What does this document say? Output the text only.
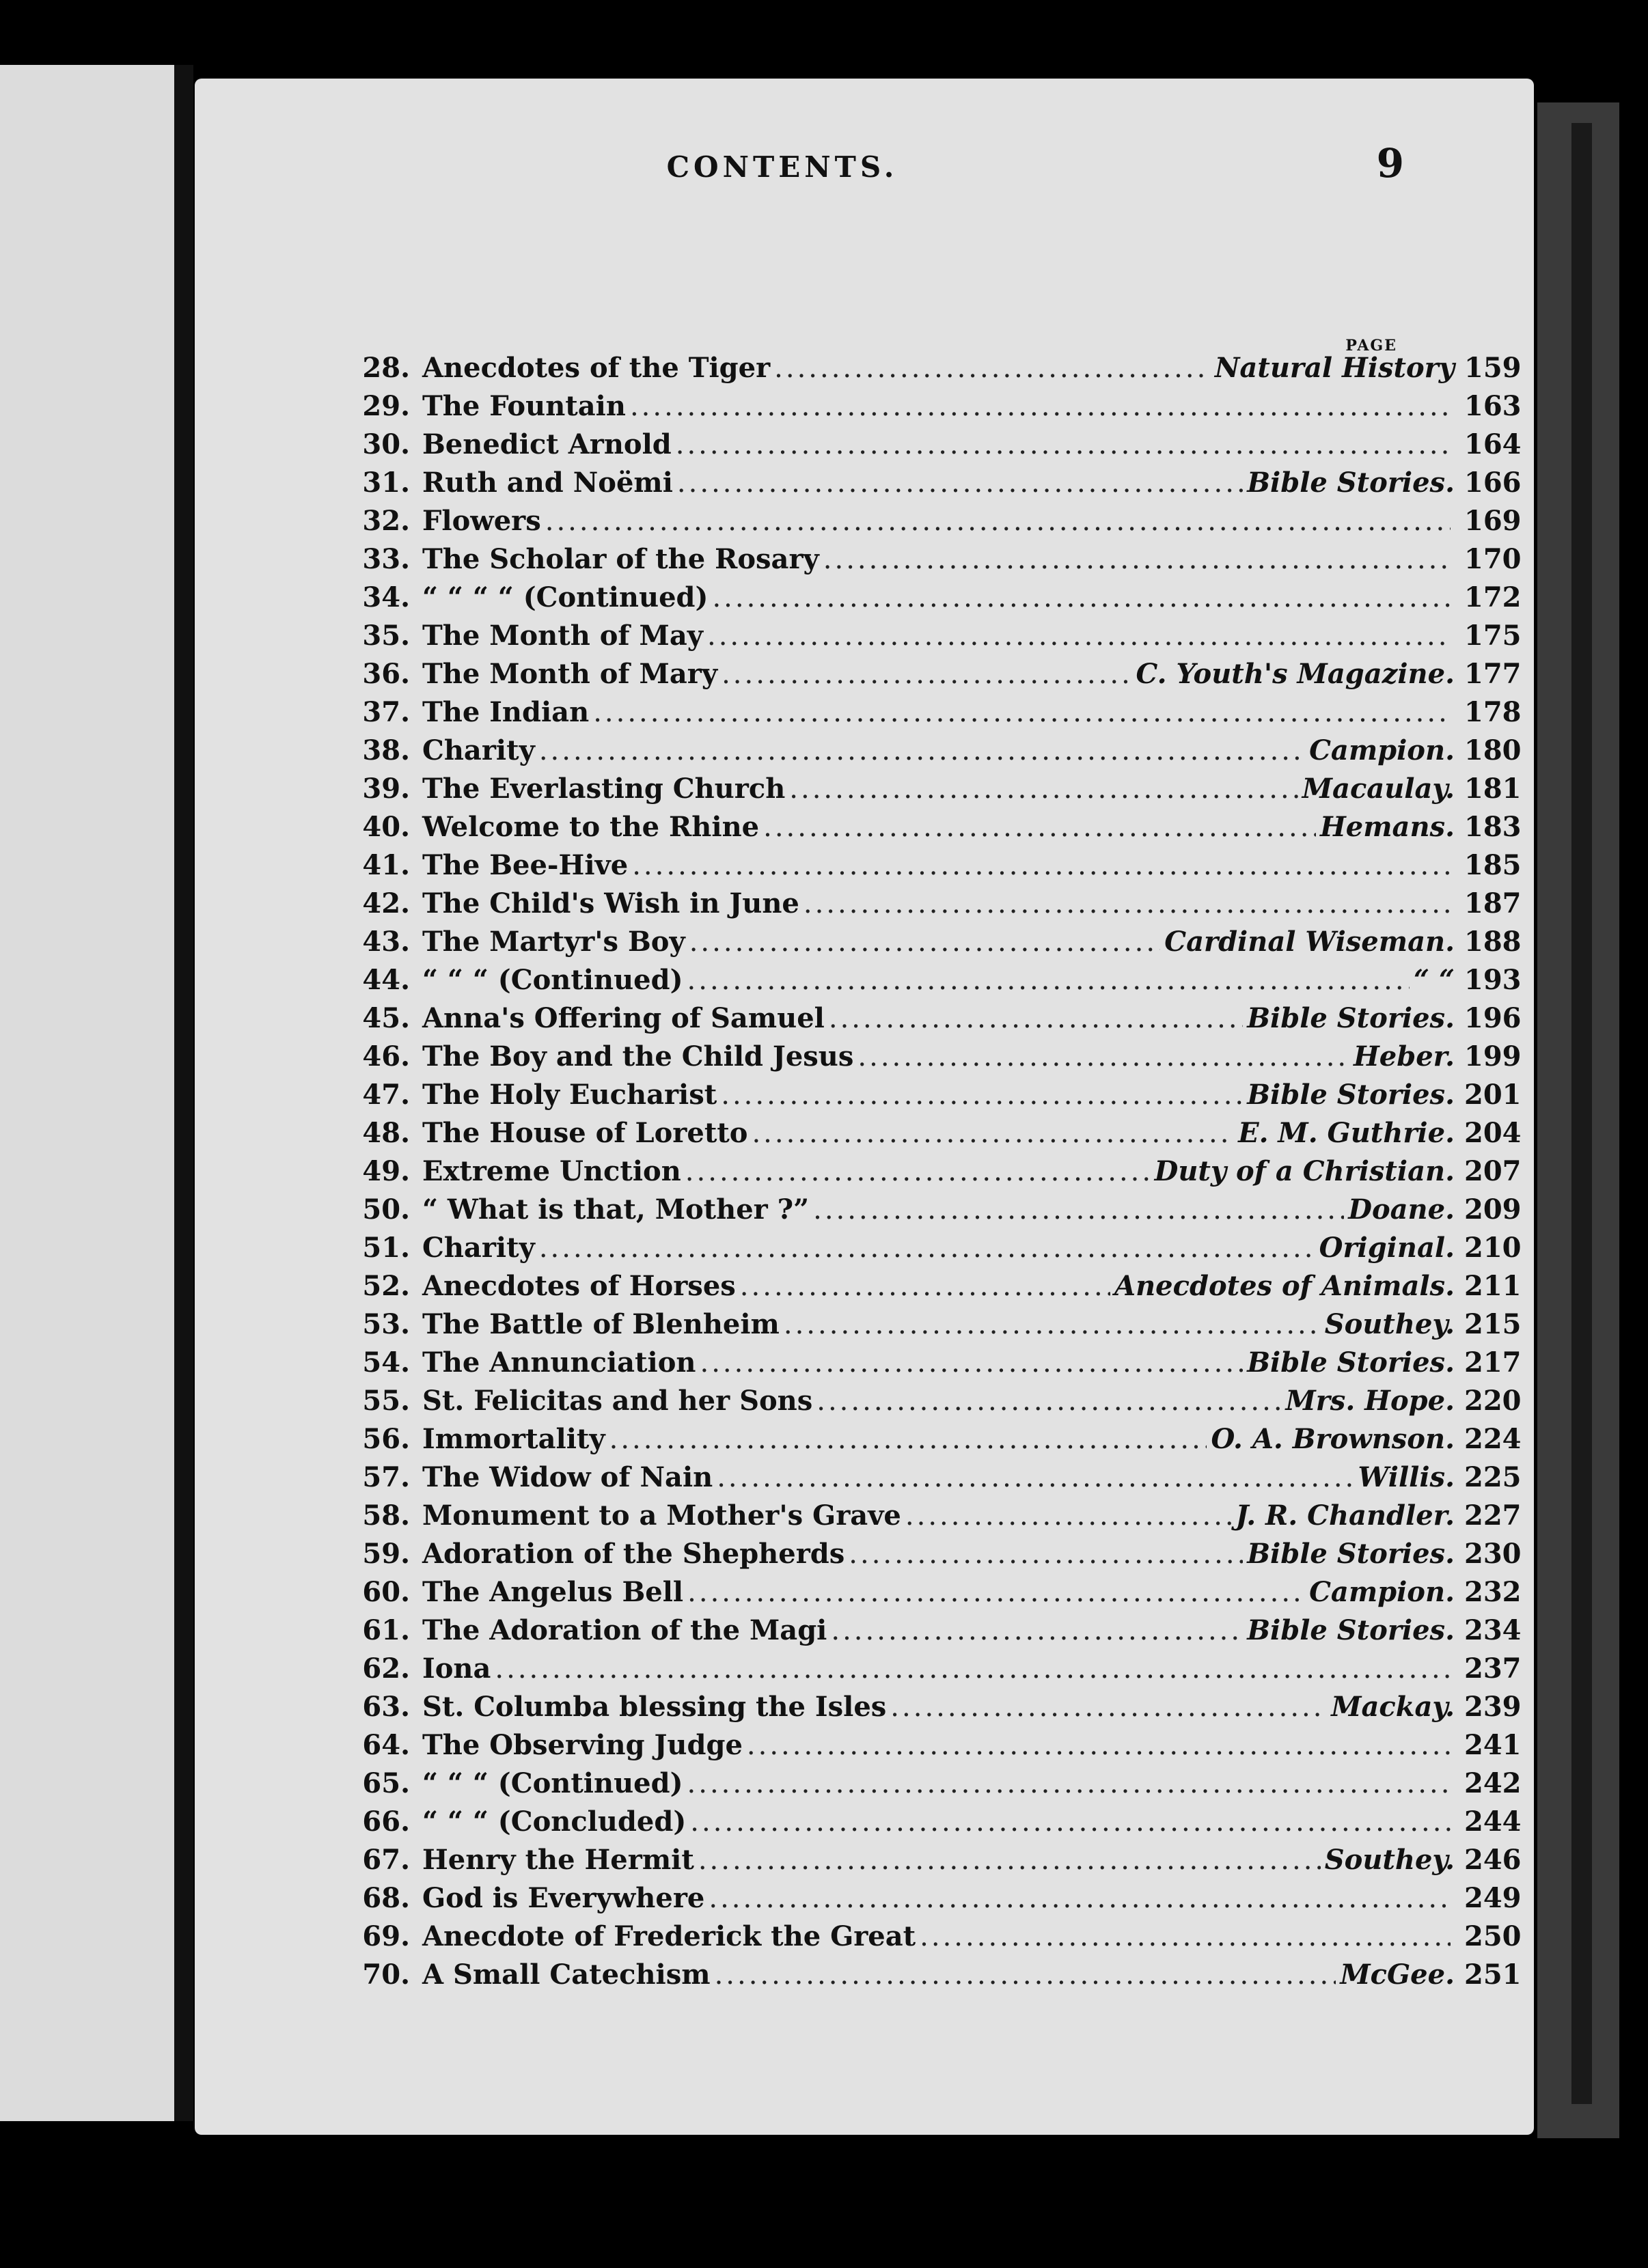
CONTENTS.	9
PAGE
28. Anecdotes of the Tiger .....	Natural History 159
29. The Fountain .....	163
30. Benedict Arnold .....	164
31. Ruth and Noëmi .....	Bible Stories. 166
32. Flowers .....	169
33. The Scholar of the Rosary .....	170
34. “ “ “ “ (Continued) .....	172
35. The Month of May .....	175
36. The Month of Mary .....	C. Youth's Magazine. 177
37. The Indian .....	178
38. Charity .....	Campion. 180
39. The Everlasting Church .....	Macaulay. 181
40. Welcome to the Rhine .....	Hemans. 183
41. The Bee-Hive .....	185
42. The Child's Wish in June .....	187
43. The Martyr's Boy .....	Cardinal Wiseman. 188
44. “ “ “ (Continued) .....	“ “ 193
45. Anna's Offering of Samuel .....	Bible Stories. 196
46. The Boy and the Child Jesus .....	Heber. 199
47. The Holy Eucharist .....	Bible Stories. 201
48. The House of Loretto .....	E. M. Guthrie. 204
49. Extreme Unction .....	Duty of a Christian. 207
50. “ What is that, Mother ?” .....	Doane. 209
51. Charity .....	Original. 210
52. Anecdotes of Horses .....	Anecdotes of Animals. 211
53. The Battle of Blenheim .....	Southey. 215
54. The Annunciation .....	Bible Stories. 217
55. St. Felicitas and her Sons .....	Mrs. Hope. 220
56. Immortality .....	O. A. Brownson. 224
57. The Widow of Nain .....	Willis. 225
58. Monument to a Mother's Grave .....	J. R. Chandler. 227
59. Adoration of the Shepherds .....	Bible Stories. 230
60. The Angelus Bell .....	Campion. 232
61. The Adoration of the Magi .....	Bible Stories. 234
62. Iona .....	237
63. St. Columba blessing the Isles .....	Mackay. 239
64. The Observing Judge .....	241
65. “ “ “ (Continued) .....	242
66. “ “ “ (Concluded) .....	244
67. Henry the Hermit .....	Southey. 246
68. God is Everywhere .....	249
69. Anecdote of Frederick the Great .....	250
70. A Small Catechism .....	McGee. 251
